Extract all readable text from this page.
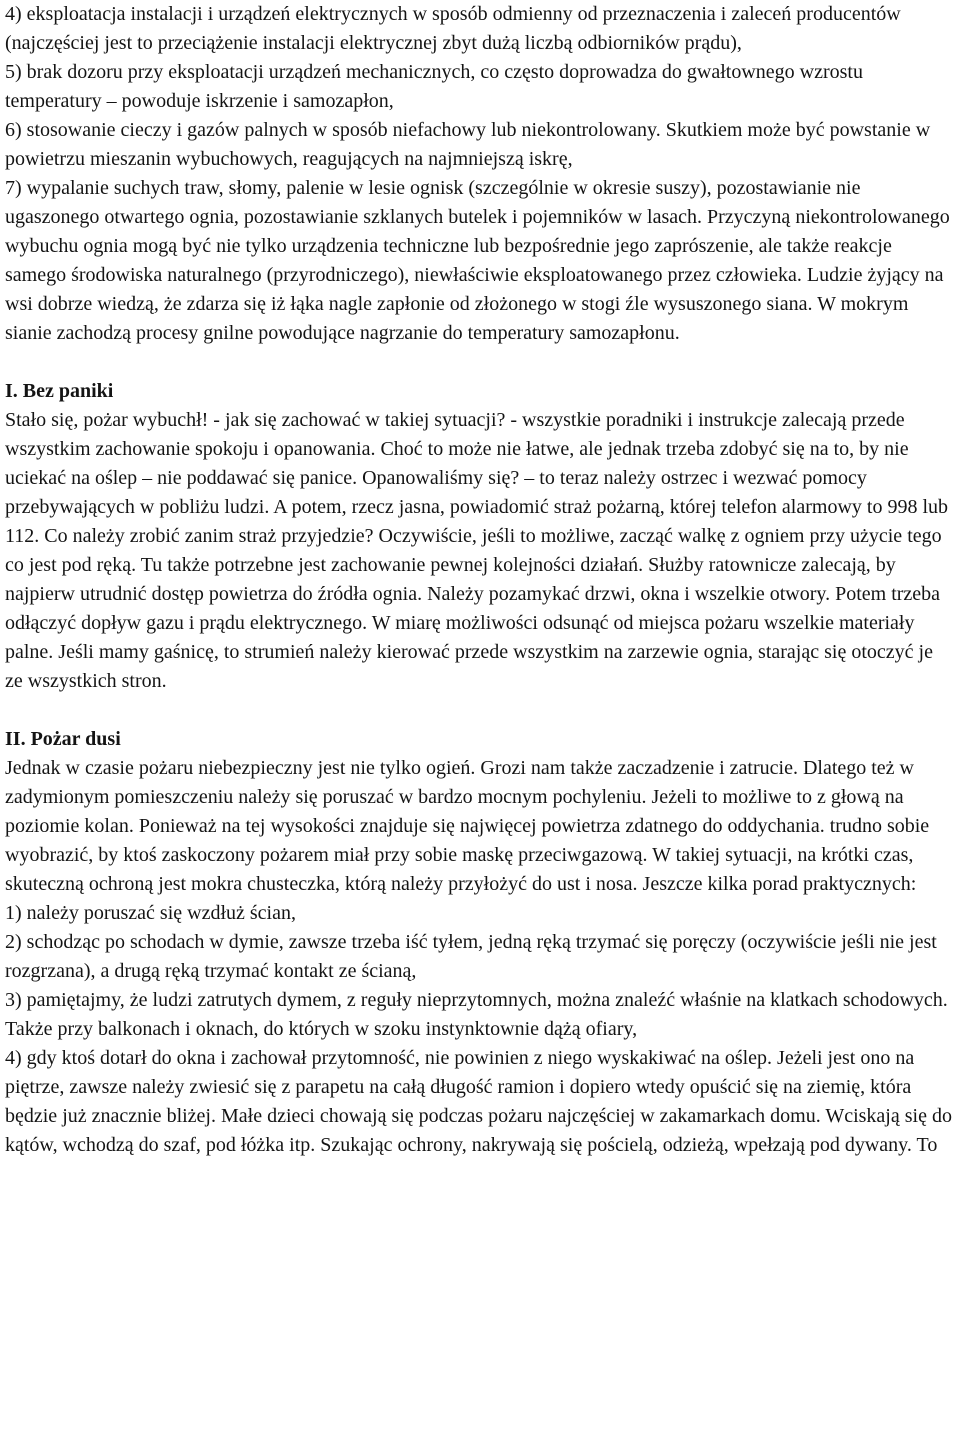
4) eksploatacja instalacji i urządzeń elektrycznych w sposób odmienny od przeznaczenia i zaleceń producentów (najczęściej jest to przeciążenie instalacji elektrycznej zbyt dużą liczbą odbiorników prądu),

5) brak dozoru przy eksploatacji urządzeń mechanicznych, co często doprowadza do gwałtownego wzrostu temperatury – powoduje iskrzenie i samozapłon,

6) stosowanie cieczy i gazów palnych w sposób niefachowy lub niekontrolowany. Skutkiem może być powstanie w powietrzu mieszanin wybuchowych, reagujących na najmniejszą iskrę,

7) wypalanie suchych traw, słomy, palenie w lesie ognisk (szczególnie w okresie suszy), pozostawianie nie ugaszonego otwartego ognia, pozostawianie szklanych butelek i pojemników w lasach. Przyczyną niekontrolowanego wybuchu ognia mogą być nie tylko urządzenia techniczne lub bezpośrednie jego zaprószenie, ale także reakcje samego środowiska naturalnego (przyrodniczego), niewłaściwie eksploatowanego przez człowieka. Ludzie żyjący na wsi dobrze wiedzą, że zdarza się iż łąka nagle zapłonie od złożonego w stogi źle wysuszonego siana. W mokrym sianie zachodzą procesy gnilne powodujące nagrzanie do temperatury samozapłonu.

I. Bez paniki

Stało się, pożar wybuchł! - jak się zachować w takiej sytuacji? - wszystkie poradniki i instrukcje zalecają przede wszystkim zachowanie spokoju i opanowania. Choć to może nie łatwe, ale jednak trzeba zdobyć się na to, by nie uciekać na oślep – nie poddawać się panice. Opanowaliśmy się? – to teraz należy ostrzec i wezwać pomocy przebywających w pobliżu ludzi. A potem, rzecz jasna, powiadomić straż pożarną, której telefon alarmowy to 998 lub 112. Co należy zrobić zanim straż przyjedzie? Oczywiście, jeśli to możliwe, zacząć walkę z ogniem przy użycie tego co jest pod ręką. Tu także potrzebne jest zachowanie pewnej kolejności działań. Służby ratownicze zalecają, by najpierw utrudnić dostęp powietrza do źródła ognia. Należy pozamykać drzwi, okna i wszelkie otwory. Potem trzeba odłączyć dopływ gazu i prądu elektrycznego. W miarę możliwości odsunąć od miejsca pożaru wszelkie materiały palne. Jeśli mamy gaśnicę, to strumień należy kierować przede wszystkim na zarzewie ognia, starając się otoczyć je ze wszystkich stron.

II. Pożar dusi

Jednak w czasie pożaru niebezpieczny jest nie tylko ogień. Grozi nam także zaczadzenie i zatrucie. Dlatego też w zadymionym pomieszczeniu należy się poruszać w bardzo mocnym pochyleniu. Jeżeli to możliwe to z głową na poziomie kolan. Ponieważ na tej wysokości znajduje się najwięcej powietrza zdatnego do oddychania. trudno sobie wyobrazić, by ktoś zaskoczony pożarem miał przy sobie maskę przeciwgazową. W takiej sytuacji, na krótki czas, skuteczną ochroną jest mokra chusteczka, którą należy przyłożyć do ust i nosa. Jeszcze kilka porad praktycznych:

1) należy poruszać się wzdłuż ścian,

2) schodząc po schodach w dymie, zawsze trzeba iść tyłem, jedną ręką trzymać się poręczy (oczywiście jeśli nie jest rozgrzana), a drugą ręką trzymać kontakt ze ścianą,

3) pamiętajmy, że ludzi zatrutych dymem, z reguły nieprzytomnych, można znaleźć właśnie na klatkach schodowych. Także przy balkonach i oknach, do których w szoku instynktownie dążą ofiary,

4) gdy ktoś dotarł do okna i zachował przytomność, nie powinien z niego wyskakiwać na oślep. Jeżeli jest ono na piętrze, zawsze należy zwiesić się z parapetu na całą długość ramion i dopiero wtedy opuścić się na ziemię, która będzie już znacznie bliżej. Małe dzieci chowają się podczas pożaru najczęściej w zakamarkach domu. Wciskają się do kątów, wchodzą do szaf, pod łóżka itp. Szukając ochrony, nakrywają się pościelą, odzieżą, wpełzają pod dywany. To
